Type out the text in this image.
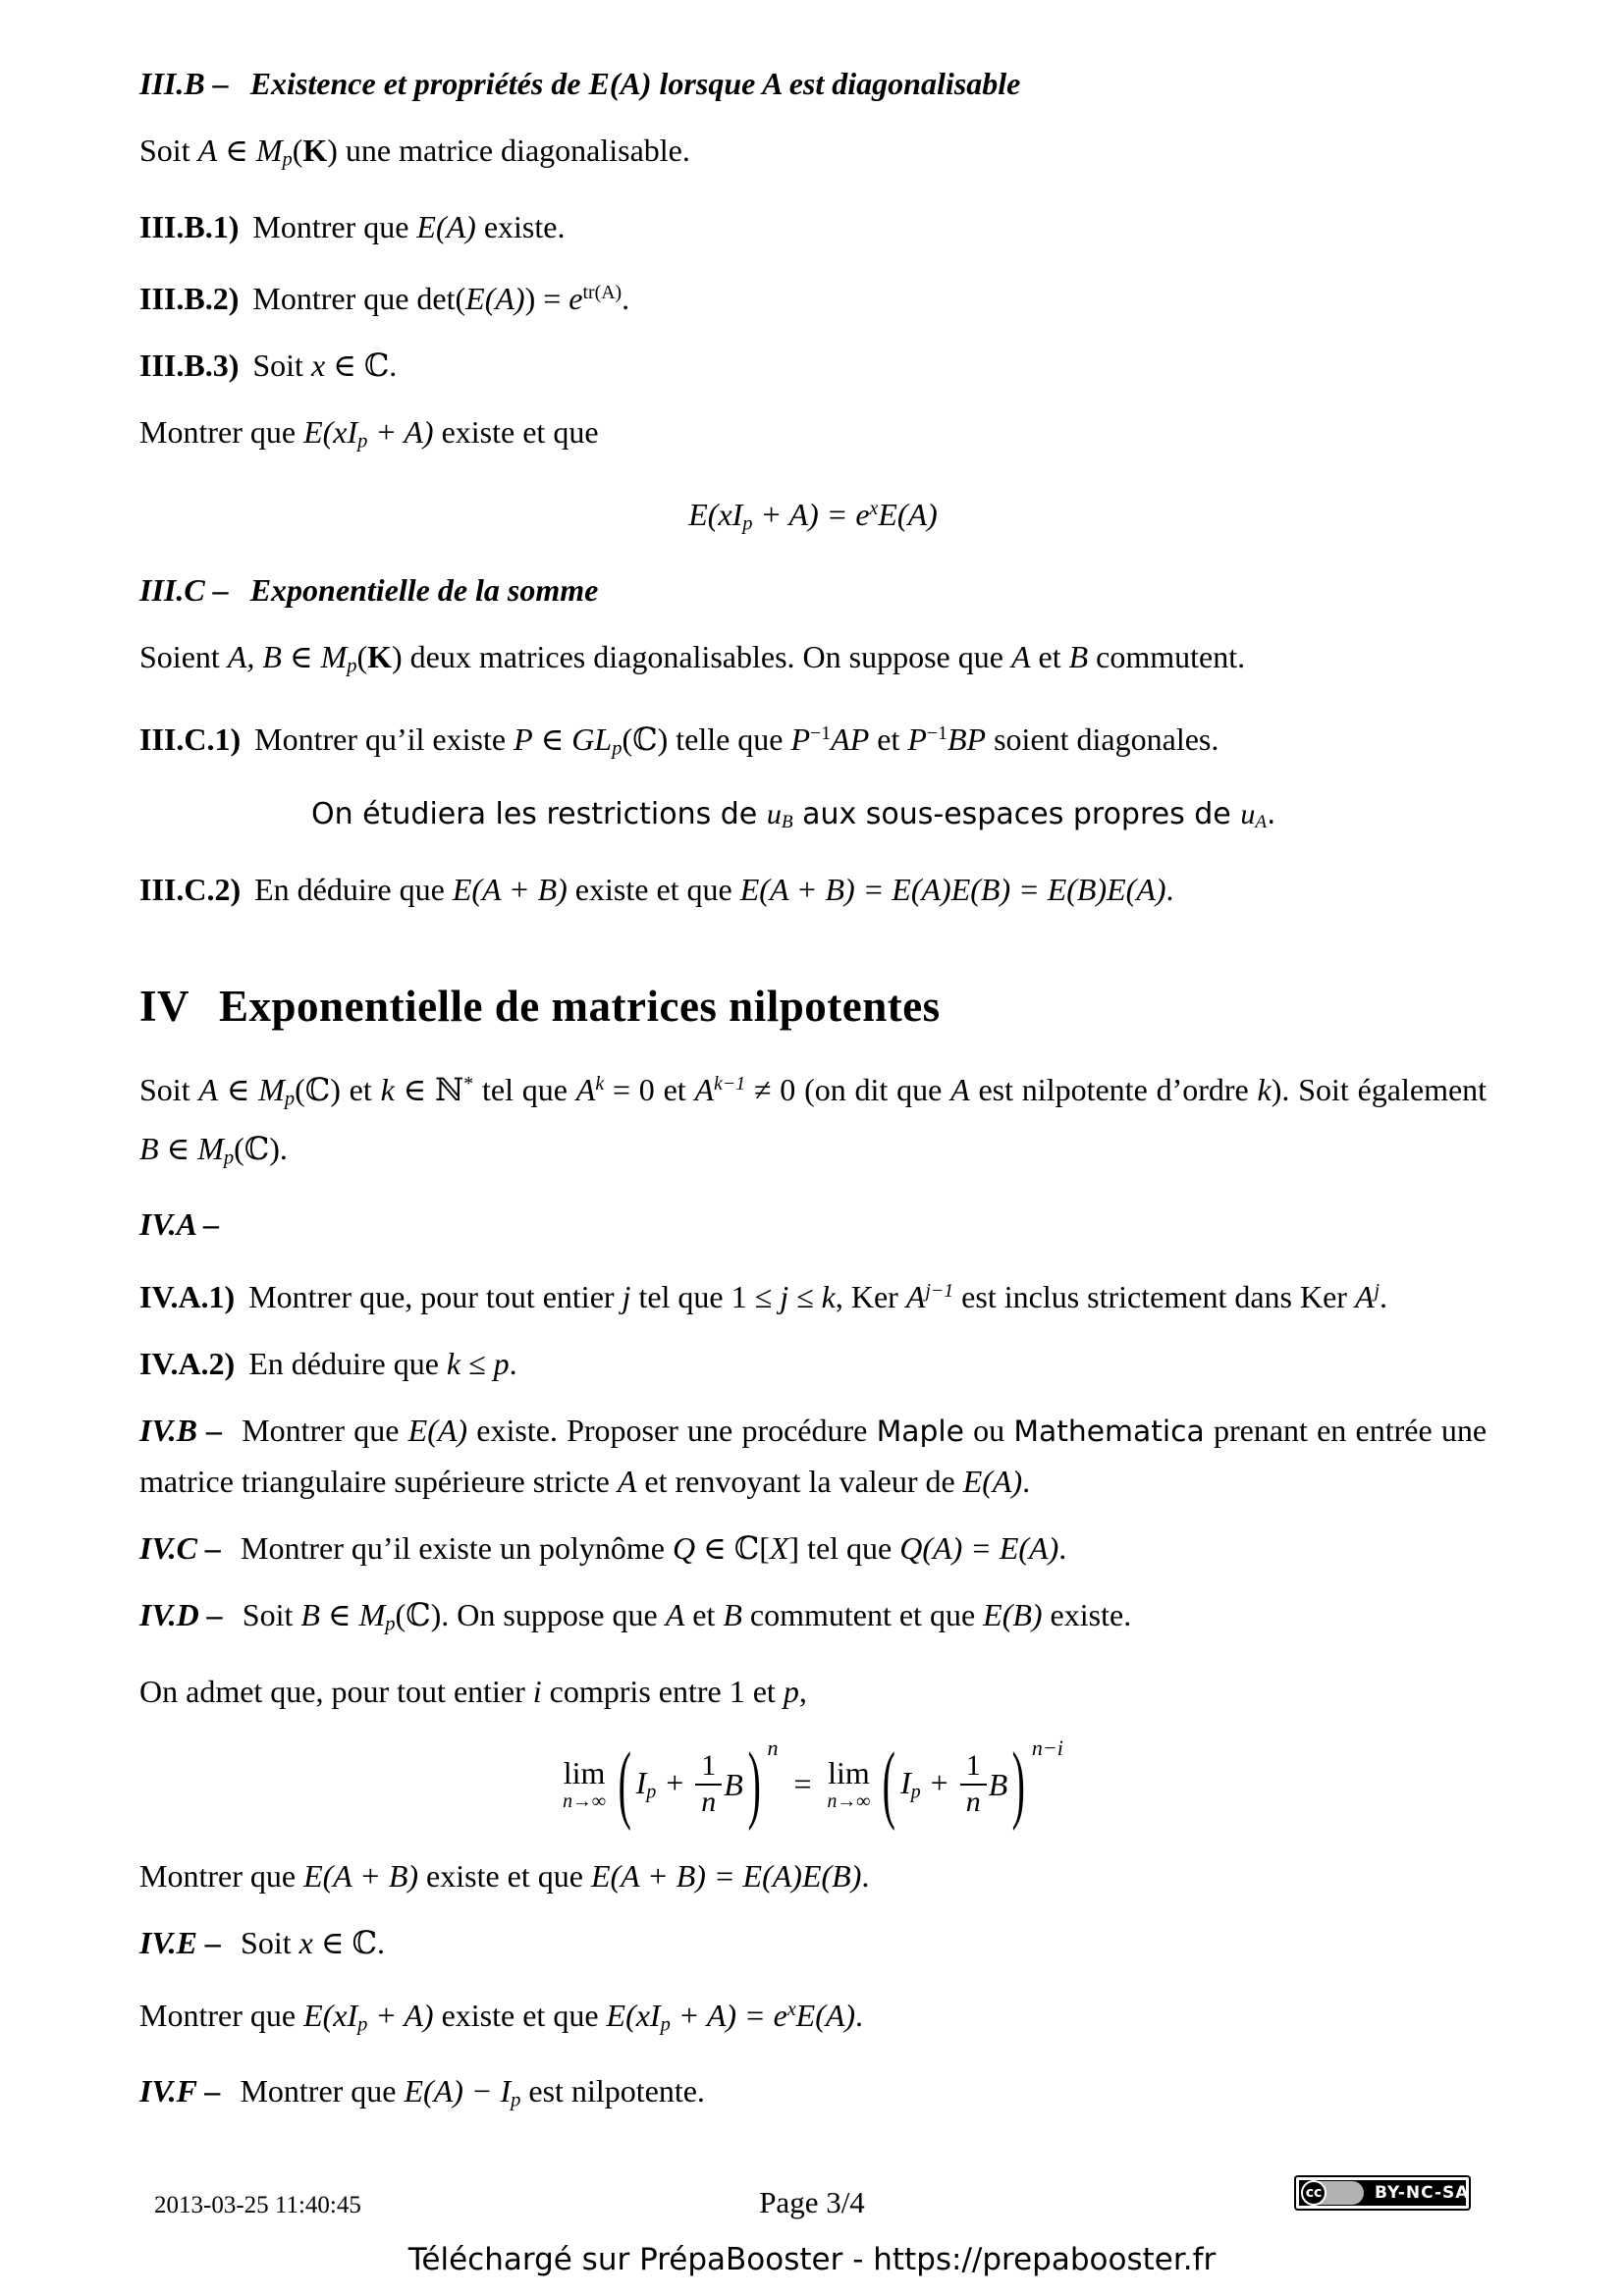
III.B – Existence et propriétés de E(A) lorsque A est diagonalisable

Soit A ∈ $M_p(K)$ une matrice diagonalisable.

III.B.1) Montrer que E(A) existe.

III.B.2) Montrer que $\det(E(A)) = e^{tr(A)}$.

III.B.3) Soit x ∈ ℂ.

Montrer que $E(xI_p + A)$ existe et que

$E(xI_p + A) = e^xE(A)$

III.C – Exponentielle de la somme

Soient A, B ∈ $M_p(K)$ deux matrices diagonalisables. On suppose que A et B commutent.

III.C.1) Montrer qu’il existe P ∈ $GL_p(ℂ)$ telle que $P^{-1}AP$ et $P^{-1}BP$ soient diagonales.

On étudiera les restrictions de $u_B$ aux sous-espaces propres de $u_A$.

III.C.2) En déduire que E(A + B) existe et que E(A + B) = E(A)E(B) = E(B)E(A).

IV Exponentielle de matrices nilpotentes

Soit A ∈ $M_p(ℂ)$ et k ∈ ℕ* tel que $A^k = 0$ et $A^{k-1} \ne 0$ (on dit que A est nilpotente d’ordre k). Soit également B ∈ $M_p(ℂ)$.

IV.A –

IV.A.1) Montrer que, pour tout entier j tel que 1 ≤ j ≤ k, Ker $A^{j-1}$ est inclus strictement dans Ker $A^j$.

IV.A.2) En déduire que k ≤ p.

IV.B – Montrer que E(A) existe. Proposer une procédure Maple ou Mathematica prenant en entrée une matrice triangulaire supérieure stricte A et renvoyant la valeur de E(A).

IV.C – Montrer qu’il existe un polynôme Q ∈ ℂ[X] tel que Q(A) = E(A).

IV.D – Soit B ∈ $M_p(ℂ)$. On suppose que A et B commutent et que E(B) existe.

On admet que, pour tout entier i compris entre 1 et p,

lim
n→∞ ( $Ip + \frac{1}{n}$ B ) n
= lim
n→∞ ( $Ip + \frac{1}{n}$ B ) n−i

Montrer que E(A + B) existe et que E(A + B) = E(A)E(B).

IV.E – Soit x ∈ ℂ.

Montrer que $E(xI_p + A)$ existe et que $E(xI_p + A) = e^xE(A)$.

IV.F – Montrer que $E(A) - I_p$ est nilpotente.

2013-03-25 11:40:45	Page 3/4	cc	BY-NC-SA
Téléchargé sur PrépaBooster - https://prepabooster.fr
